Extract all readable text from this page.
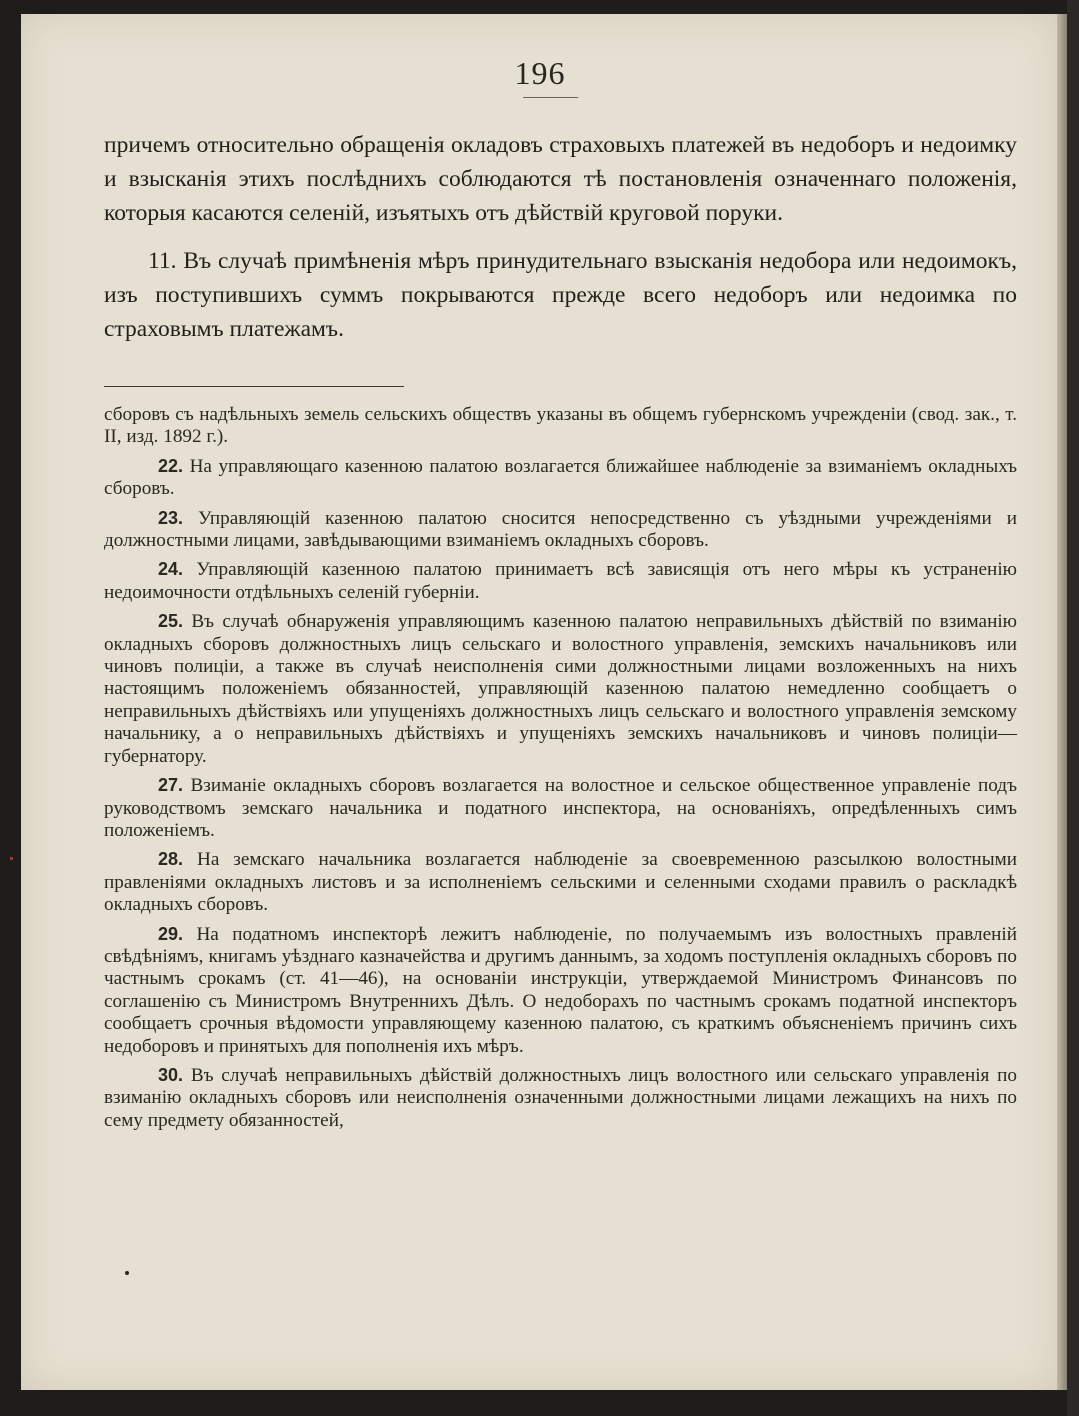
196

причемъ относительно обращенія окладовъ страховыхъ платежей въ недоборъ и недоимку и взысканія этихъ послѣднихъ соблюдаются тѣ постановленія означеннаго положенія, которыя касаются селеній, изъятыхъ отъ дѣйствій круговой поруки.

11. Въ случаѣ примѣненія мѣръ принудительнаго взысканія недобора или недоимокъ, изъ поступившихъ суммъ покрываются прежде всего недоборъ или недоимка по страховымъ платежамъ.

сборовъ съ надѣльныхъ земель сельскихъ обществъ указаны въ общемъ губернскомъ учрежденіи (свод. зак., т. II, изд. 1892 г.).

22. На управляющаго казенною палатою возлагается ближайшее наблюденіе за взиманіемъ окладныхъ сборовъ.

23. Управляющій казенною палатою сносится непосредственно съ уѣздными учрежденіями и должностными лицами, завѣдывающими взиманіемъ окладныхъ сборовъ.

24. Управляющій казенною палатою принимаетъ всѣ зависящія отъ него мѣры къ устраненію недоимочности отдѣльныхъ селеній губерніи.

25. Въ случаѣ обнаруженія управляющимъ казенною палатою неправильныхъ дѣйствій по взиманію окладныхъ сборовъ должностныхъ лицъ сельскаго и волостного управленія, земскихъ начальниковъ или чиновъ полиціи, а также въ случаѣ неисполненія сими должностными лицами возложенныхъ на нихъ настоящимъ положеніемъ обязанностей, управляющій казенною палатою немедленно сообщаетъ о неправильныхъ дѣйствіяхъ или упущеніяхъ должностныхъ лицъ сельскаго и волостного управленія земскому начальнику, а о неправильныхъ дѣйствіяхъ и упущеніяхъ земскихъ начальниковъ и чиновъ полиціи—губернатору.

27. Взиманіе окладныхъ сборовъ возлагается на волостное и сельское общественное управленіе подъ руководствомъ земскаго начальника и податного инспектора, на основаніяхъ, опредѣленныхъ симъ положеніемъ.

28. На земскаго начальника возлагается наблюденіе за своевременною разсылкою волостными правленіями окладныхъ листовъ и за исполненіемъ сельскими и селенными сходами правилъ о раскладкѣ окладныхъ сборовъ.

29. На податномъ инспекторѣ лежитъ наблюденіе, по получаемымъ изъ волостныхъ правленій свѣдѣніямъ, книгамъ уѣзднаго казначейства и другимъ даннымъ, за ходомъ поступленія окладныхъ сборовъ по частнымъ срокамъ (ст. 41—46), на основаніи инструкціи, утверждаемой Министромъ Финансовъ по соглашенію съ Министромъ Внутреннихъ Дѣлъ. О недоборахъ по частнымъ срокамъ податной инспекторъ сообщаетъ срочныя вѣдомости управляющему казенною палатою, съ краткимъ объясненіемъ причинъ сихъ недоборовъ и принятыхъ для пополненія ихъ мѣръ.

30. Въ случаѣ неправильныхъ дѣйствій должностныхъ лицъ волостного или сельскаго управленія по взиманію окладныхъ сборовъ или неисполненія означенными должностными лицами лежащихъ на нихъ по сему предмету обязанностей,
